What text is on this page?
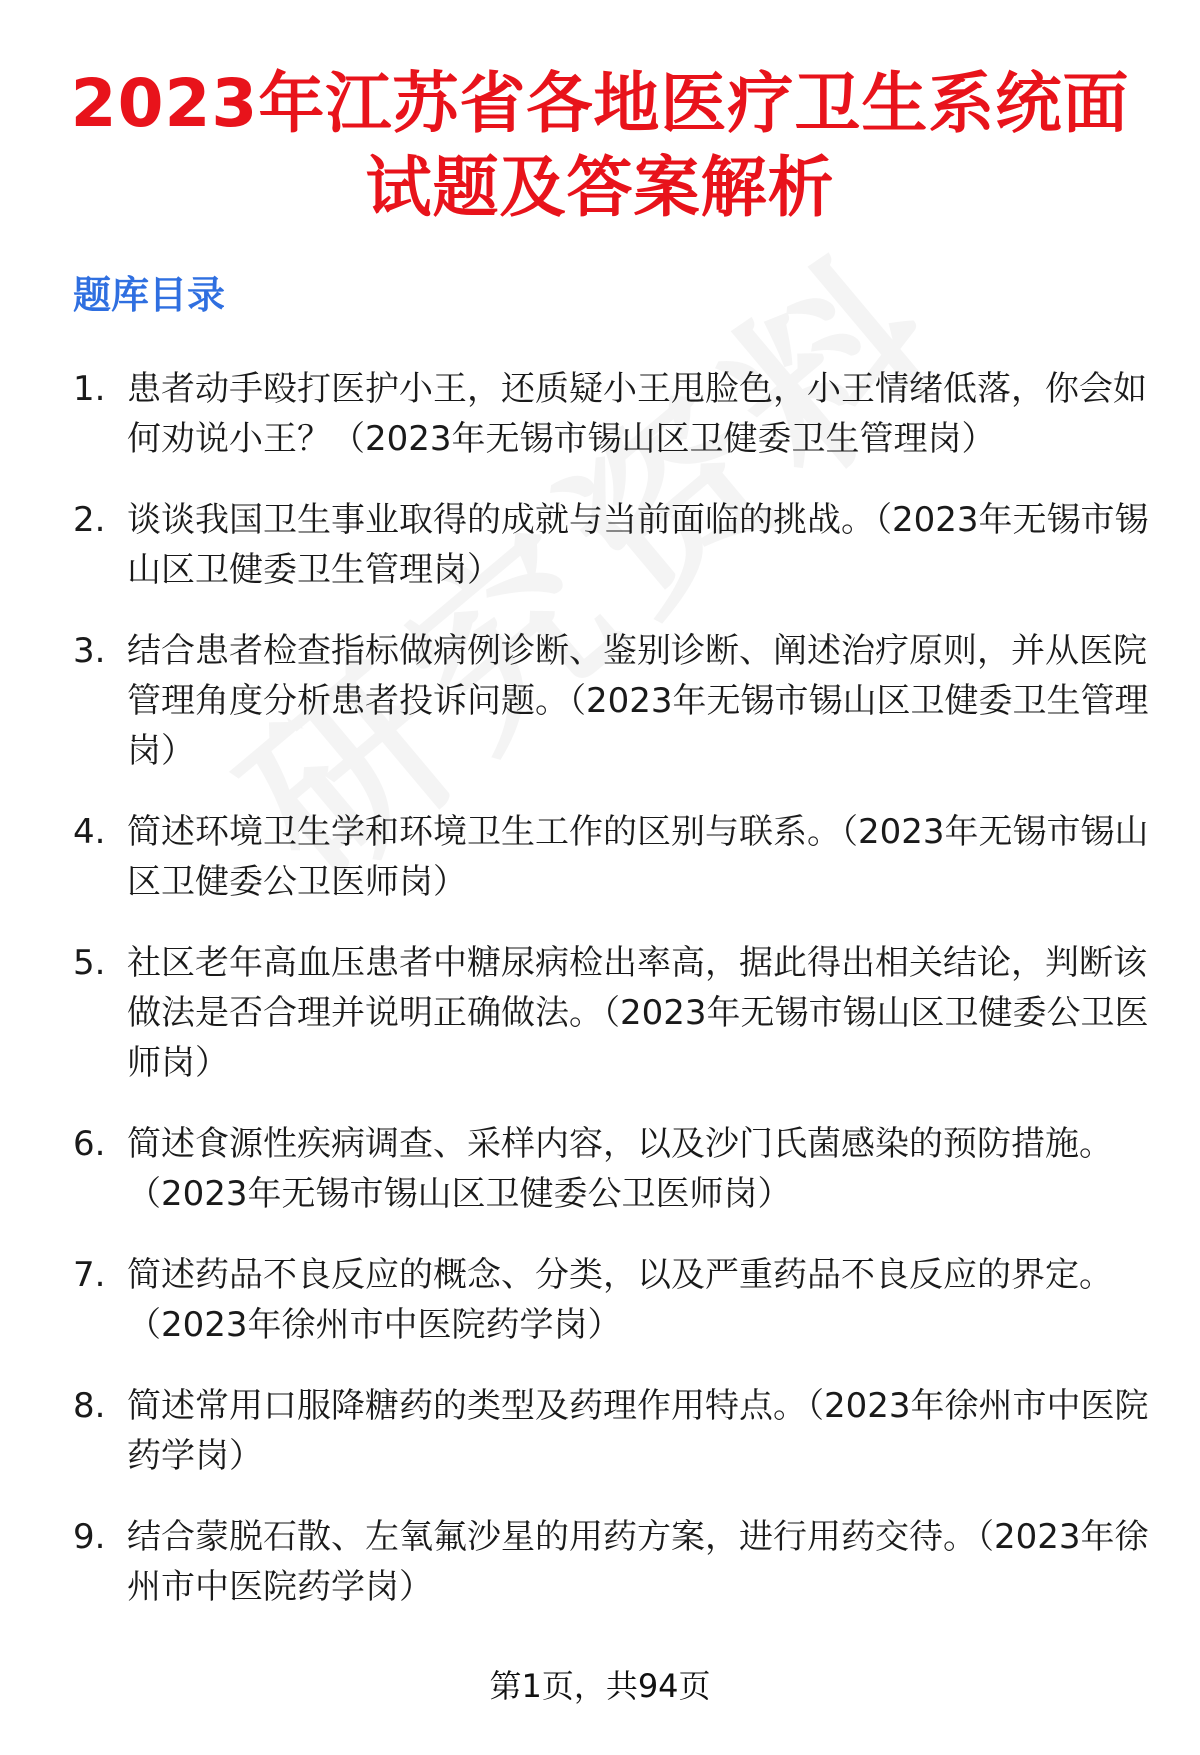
2023年江苏省各地医疗卫生系统面
试题及答案解析
题库目录
1. 患者动手殴打医护小王，还质疑小王甩脸色，小王情绪低落，你会如何劝说小王？（2023年无锡市锡山区卫健委卫生管理岗）
2. 谈谈我国卫生事业取得的成就与当前面临的挑战。（2023年无锡市锡山区卫健委卫生管理岗）
3. 结合患者检查指标做病例诊断、鉴别诊断、阐述治疗原则，并从医院管理角度分析患者投诉问题。（2023年无锡市锡山区卫健委卫生管理岗）
4. 简述环境卫生学和环境卫生工作的区别与联系。（2023年无锡市锡山区卫健委公卫医师岗）
5. 社区老年高血压患者中糖尿病检出率高，据此得出相关结论，判断该做法是否合理并说明正确做法。（2023年无锡市锡山区卫健委公卫医师岗）
6. 简述食源性疾病调查、采样内容，以及沙门氏菌感染的预防措施。（2023年无锡市锡山区卫健委公卫医师岗）
7. 简述药品不良反应的概念、分类，以及严重药品不良反应的界定。（2023年徐州市中医院药学岗）
8. 简述常用口服降糖药的类型及药理作用特点。（2023年徐州市中医院药学岗）
9. 结合蒙脱石散、左氧氟沙星的用药方案，进行用药交待。（2023年徐州市中医院药学岗）
第1页，共94页
